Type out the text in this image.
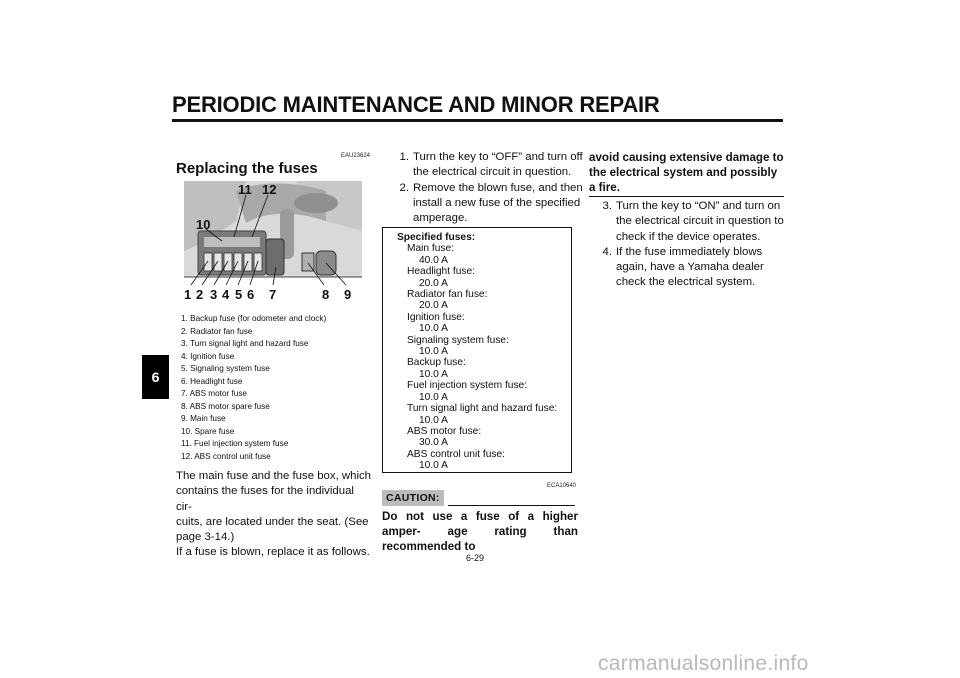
PERIODIC MAINTENANCE AND MINOR REPAIR
6
EAU23624
Replacing the fuses
1 2 3 4 5 6 7	8 9
10
11 12
1. Backup fuse (for odometer and clock)
2. Radiator fan fuse
3. Turn signal light and hazard fuse
4. Ignition fuse
5. Signaling system fuse
6. Headlight fuse
7. ABS motor fuse
8. ABS motor spare fuse
9. Main fuse
10. Spare fuse
11. Fuel injection system fuse
12. ABS control unit fuse
The main fuse and the fuse box, which
contains the fuses for the individual cir-
cuits, are located under the seat. (See
page 3-14.)
If a fuse is blown, replace it as follows.
1. Turn the key to “OFF” and turn off the electrical circuit in question.
2. Remove the blown fuse, and then install a new fuse of the specified amperage.
Specified fuses:
Main fuse:
40.0 A
Headlight fuse:
20.0 A
Radiator fan fuse:
20.0 A
Ignition fuse:
10.0 A
Signaling system fuse:
10.0 A
Backup fuse:
10.0 A
Fuel injection system fuse:
10.0 A
Turn signal light and hazard fuse:
10.0 A
ABS motor fuse:
30.0 A
ABS control unit fuse:
10.0 A
ECA10640
CAUTION:
Do not use a fuse of a higher amper- age rating than recommended to
avoid causing extensive damage to the electrical system and possibly a fire.
3. Turn the key to “ON” and turn on the electrical circuit in question to check if the device operates.
4. If the fuse immediately blows again, have a Yamaha dealer check the electrical system.
6-29
carmanualsonline.info
